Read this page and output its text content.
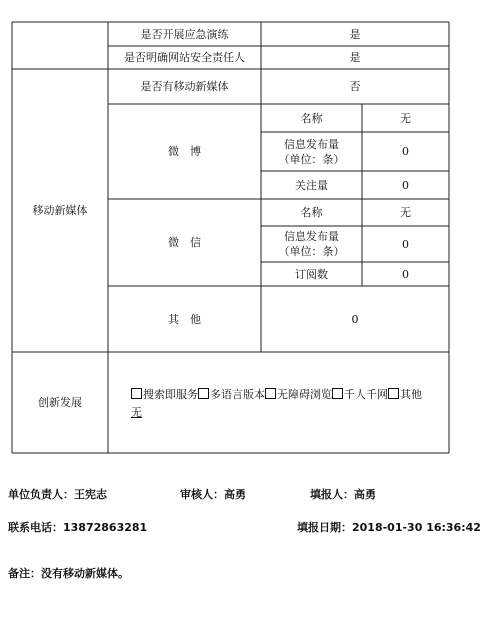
是否开展应急演练	是
是否明确网站安全责任人	是
移动新媒体
是否有移动新媒体	否
微　博
名称	无
信息发布量
（单位：条）
0
关注量	0
微　信
名称	无
信息发布量
（单位：条）
0
订阅数	0
其　他	0
创新发展
搜索即服务 多语言版本 无障碍浏览 千人千网 其他
无
单位负责人：王宪志	审核人：高勇	填报人：高勇
联系电话：13872863281	填报日期：2018-01-30 16:36:42
备注：没有移动新媒体。
